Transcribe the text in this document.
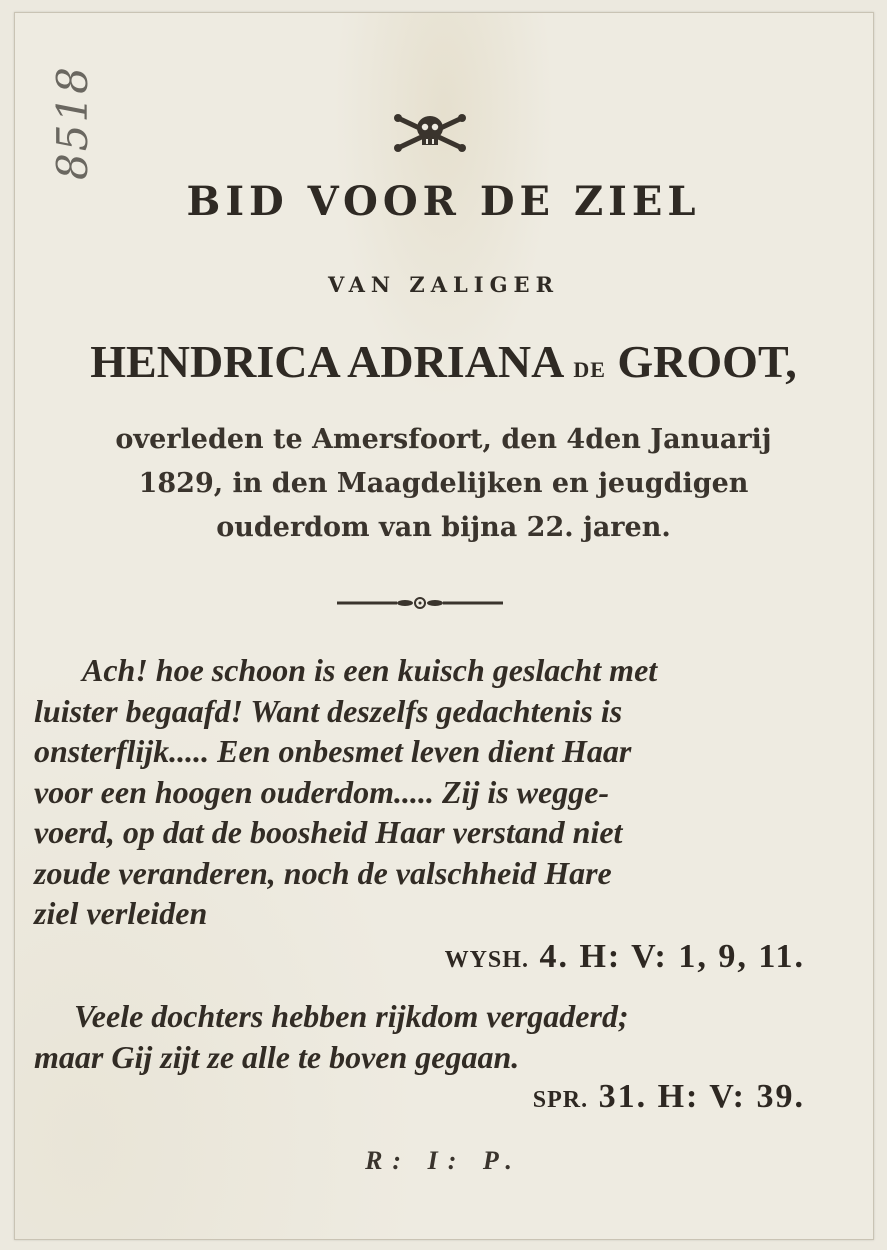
8518
BID VOOR DE ZIEL
VAN ZALIGER
HENDRICA ADRIANA DE GROOT,
overleden te Amersfoort, den 4den Januarij
1829, in den Maagdelijken en jeugdigen
ouderdom van bijna 22. jaren.
Ach! hoe schoon is een kuisch geslacht met
luister begaafd! Want deszelfs gedachtenis is
onsterflijk..... Een onbesmet leven dient Haar
voor een hoogen ouderdom..... Zij is wegge-
voerd, op dat de boosheid Haar verstand niet
zoude veranderen, noch de valschheid Hare
ziel verleiden
WYSH. 4. H: V: 1, 9, 11.
Veele dochters hebben rijkdom vergaderd;
maar Gij zijt ze alle te boven gegaan.
SPR. 31. H: V: 39.
R: I: P.
